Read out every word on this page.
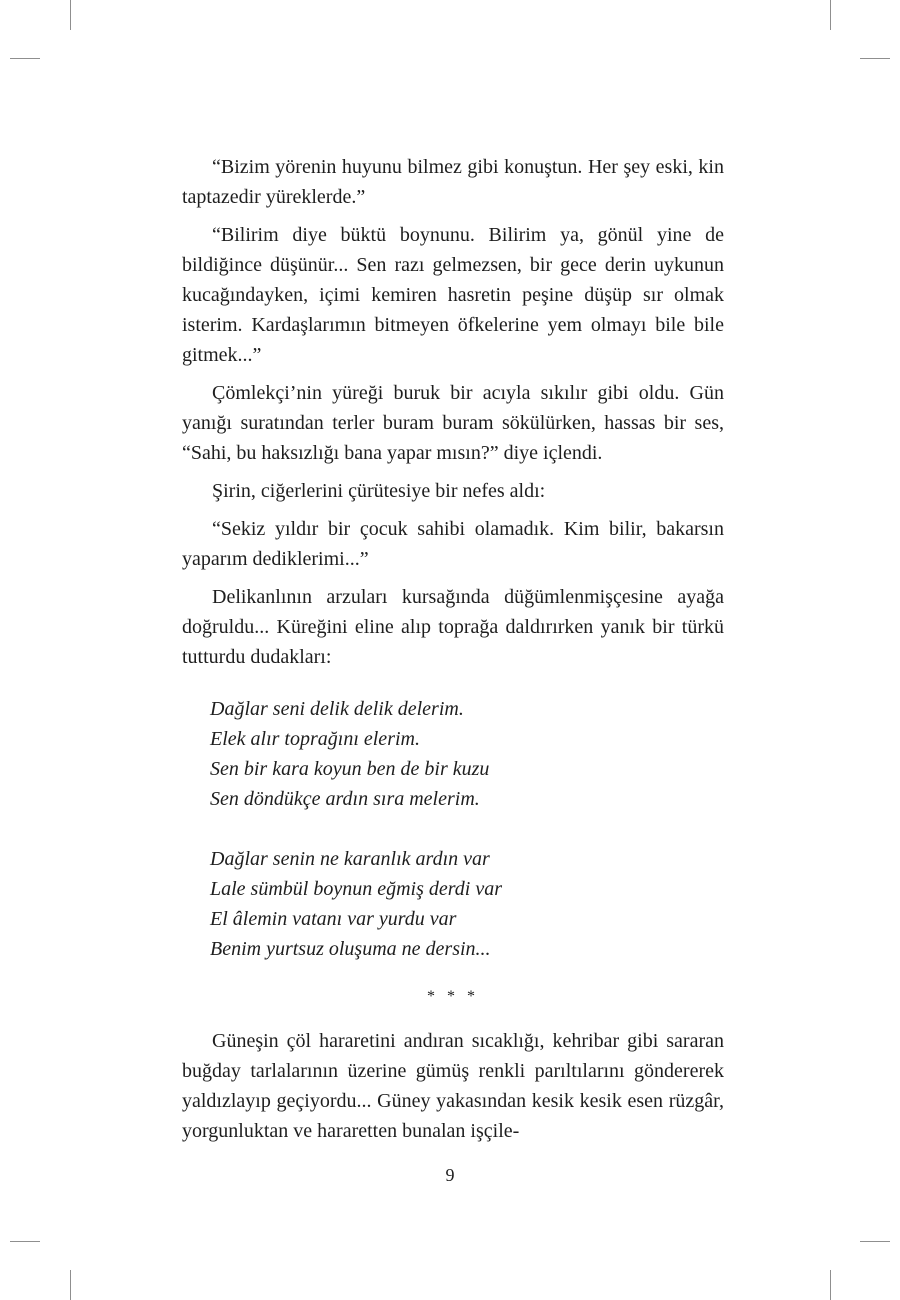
“Bizim yörenin huyunu bilmez gibi konuştun. Her şey eski, kin taptazedir yüreklerde.”

“Bilirim diye büktü boynunu. Bilirim ya, gönül yine de bildiğince düşünür... Sen razı gelmezsen, bir gece derin uykunun kucağındayken, içimi kemiren hasretin peşine düşüp sır olmak isterim. Kardaşlarımın bitmeyen öfkelerine yem olmayı bile bile gitmek...”

Çömlekçi’nin yüreği buruk bir acıyla sıkılır gibi oldu. Gün yanığı suratından terler buram buram sökülürken, hassas bir ses, “Sahi, bu haksızlığı bana yapar mısın?” diye içlendi.

Şirin, ciğerlerini çürütesiye bir nefes aldı:

“Sekiz yıldır bir çocuk sahibi olamadık. Kim bilir, bakarsın yaparım dediklerimi...”

Delikanlının arzuları kursağında düğümlenmişçesine ayağa doğruldu... Küreğini eline alıp toprağa daldırırken yanık bir türkü tutturdu dudakları:

Dağlar seni delik delik delerim.
Elek alır toprağını elerim.
Sen bir kara koyun ben de bir kuzu
Sen döndükçe ardın sıra melerim.
Dağlar senin ne karanlık ardın var
Lale sümbül boynun eğmiş derdi var
El âlemin vatanı var yurdu var
Benim yurtsuz oluşuma ne dersin...
* * *

Güneşin çöl hararetini andıran sıcaklığı, kehribar gibi sararan buğday tarlalarının üzerine gümüş renkli parıltılarını göndererek yaldızlayıp geçiyordu... Güney yakasından kesik kesik esen rüzgâr, yorgunluktan ve hararetten bunalan işçile-

9
